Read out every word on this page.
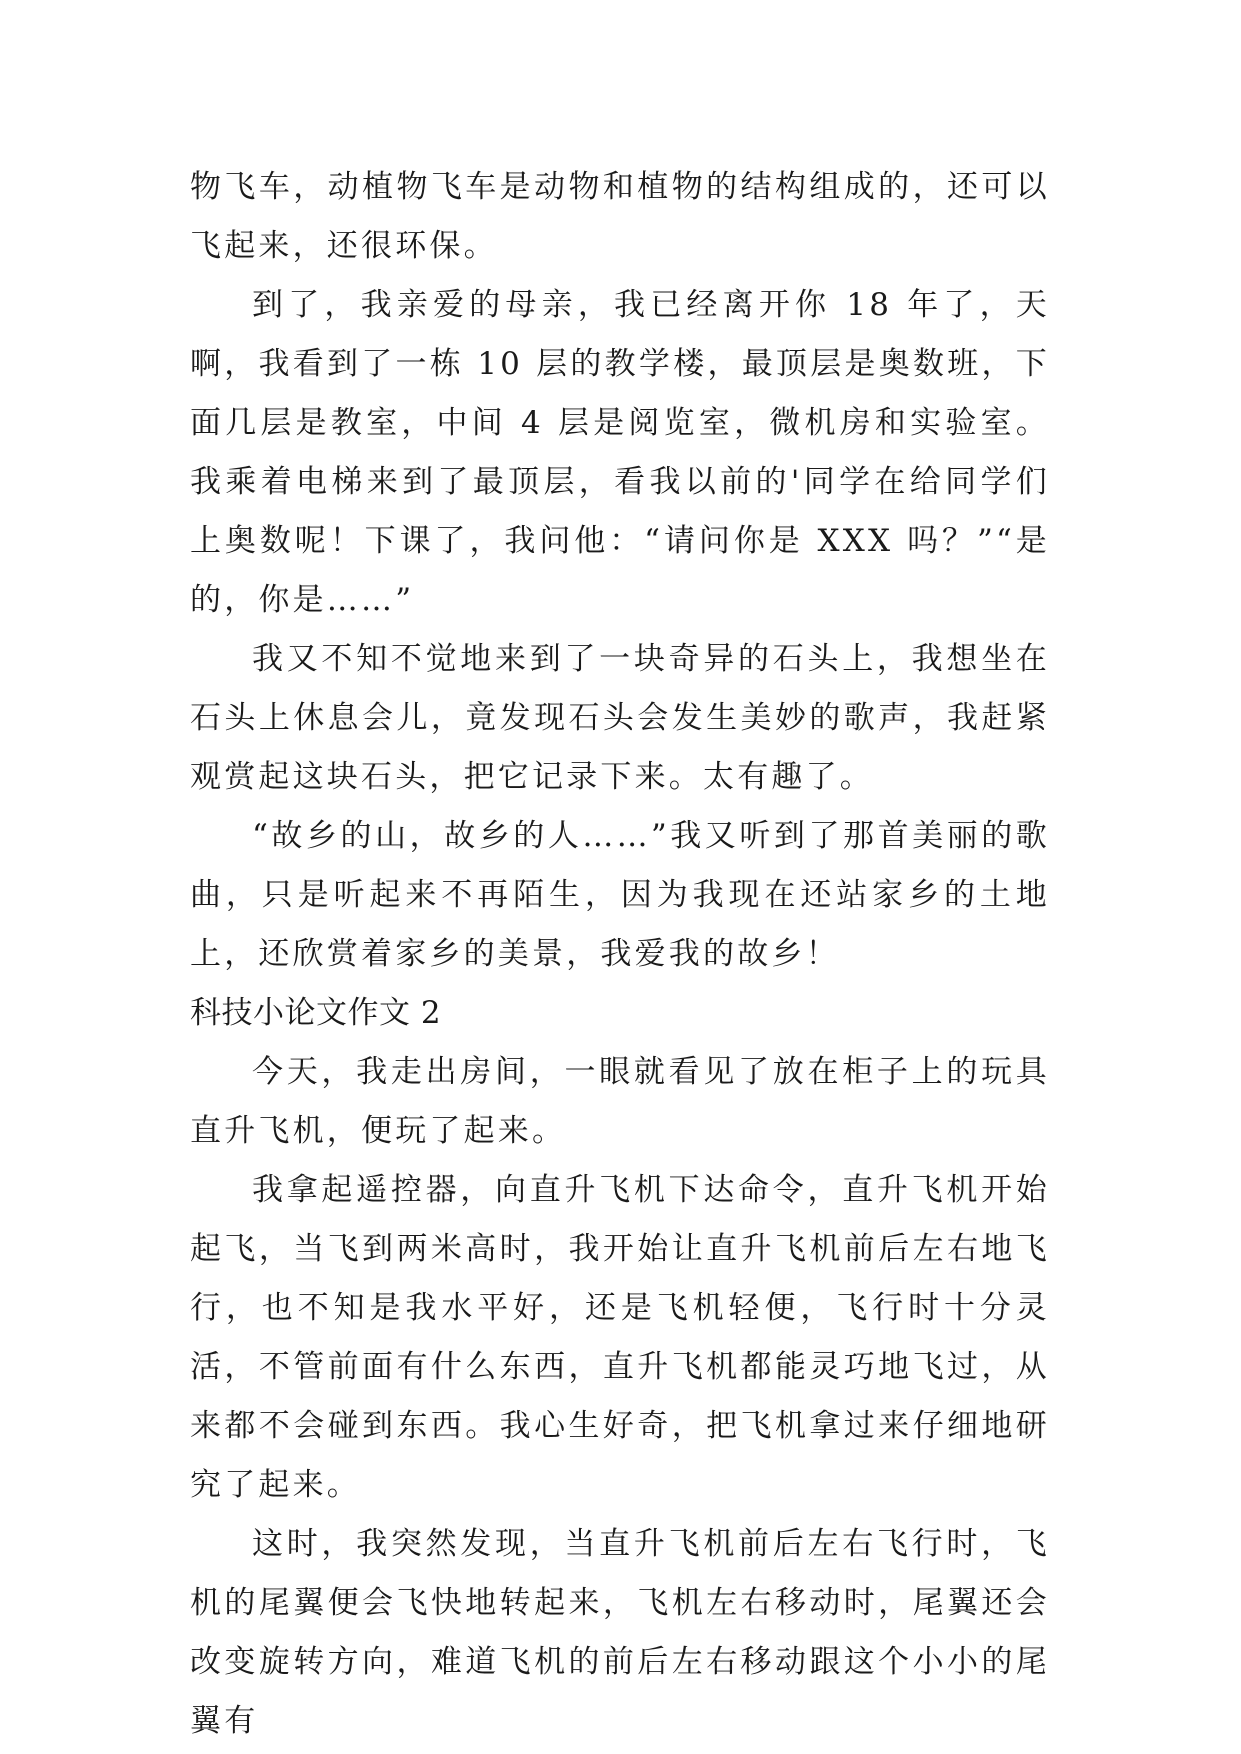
物飞车，动植物飞车是动物和植物的结构组成的，还可以飞起来，还很环保。

到了，我亲爱的母亲，我已经离开你 18 年了，天啊，我看到了一栋 10 层的教学楼，最顶层是奥数班，下面几层是教室，中间 4 层是阅览室，微机房和实验室。我乘着电梯来到了最顶层，看我以前的'同学在给同学们上奥数呢！下课了，我问他：“请问你是 XXX 吗？”“是的，你是……”

我又不知不觉地来到了一块奇异的石头上，我想坐在石头上休息会儿，竟发现石头会发生美妙的歌声，我赶紧观赏起这块石头，把它记录下来。太有趣了。

“故乡的山，故乡的人……”我又听到了那首美丽的歌曲，只是听起来不再陌生，因为我现在还站家乡的土地上，还欣赏着家乡的美景，我爱我的故乡！

科技小论文作文 2

今天，我走出房间，一眼就看见了放在柜子上的玩具直升飞机，便玩了起来。

我拿起遥控器，向直升飞机下达命令，直升飞机开始起飞，当飞到两米高时，我开始让直升飞机前后左右地飞行，也不知是我水平好，还是飞机轻便，飞行时十分灵活，不管前面有什么东西，直升飞机都能灵巧地飞过，从来都不会碰到东西。我心生好奇，把飞机拿过来仔细地研究了起来。

这时，我突然发现，当直升飞机前后左右飞行时，飞机的尾翼便会飞快地转起来，飞机左右移动时，尾翼还会改变旋转方向，难道飞机的前后左右移动跟这个小小的尾翼有
